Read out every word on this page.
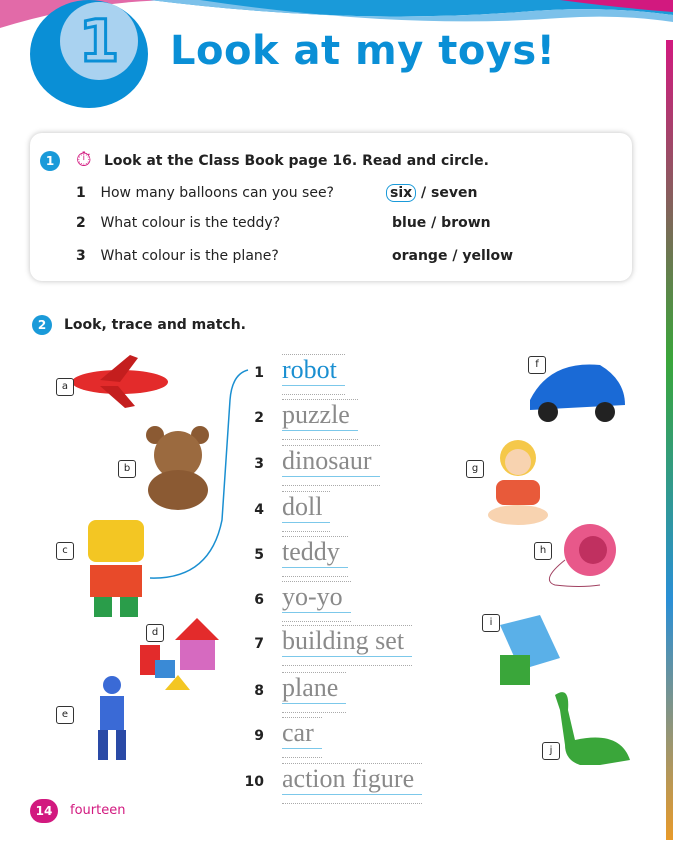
1	Look at my toys!
1 ⏱ Look at the Class Book page 16. Read and circle.
1 How many balloons can you see?	six / seven
2 What colour is the teddy?	blue / brown
3 What colour is the plane?	orange / yellow
2	Look, trace and match.
1 robot
2 puzzle
3 dinosaur
4 doll
5 teddy
6 yo-yo
7 building set
8 plane
9 car
10 action figure
a
b
c
d
e
f
g
h
i
j
14	fourteen
